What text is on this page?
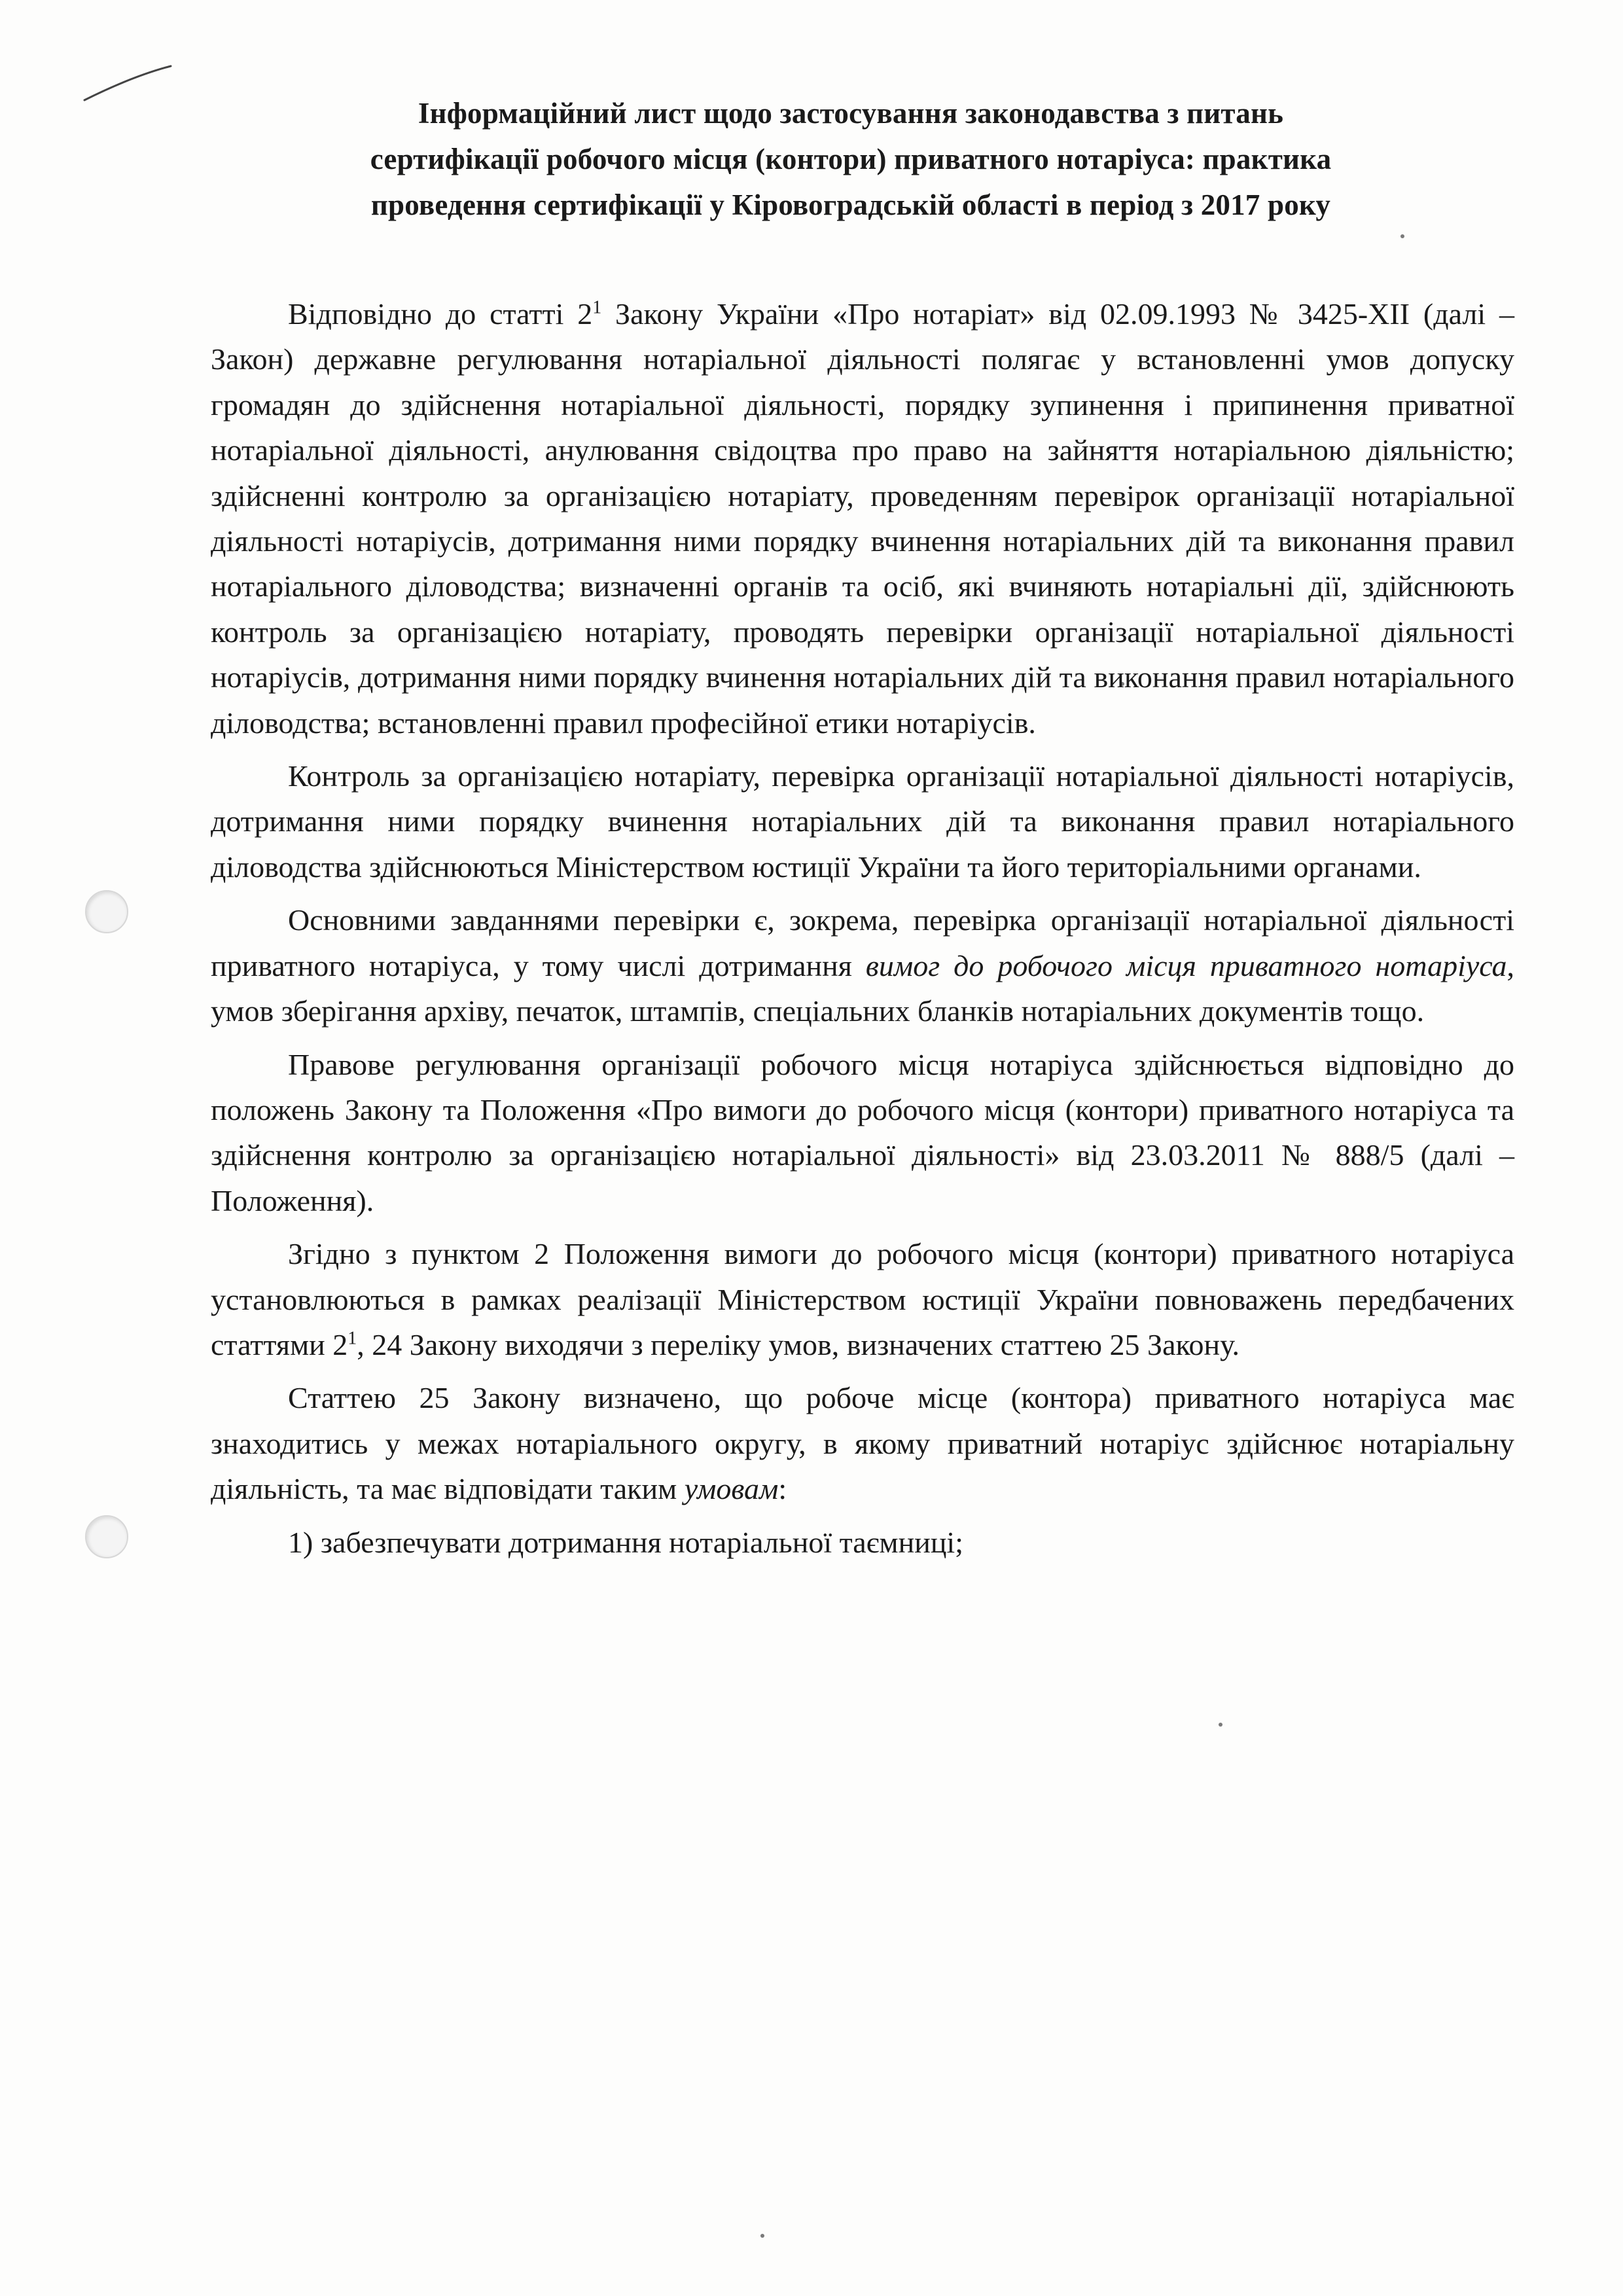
Інформаційний лист щодо застосування законодавства з питань
сертифікації робочого місця (контори) приватного нотаріуса: практика
проведення сертифікації у Кіровоградській області в період з 2017 року

Відповідно до статті $2^1$ Закону України «Про нотаріат» від 02.09.1993 № 3425-XII (далі – Закон) державне регулювання нотаріальної діяльності полягає у встановленні умов допуску громадян до здійснення нотаріальної діяльності, порядку зупинення і припинення приватної нотаріальної діяльності, анулювання свідоцтва про право на зайняття нотаріальною діяльністю; здійсненні контролю за організацією нотаріату, проведенням перевірок організації нотаріальної діяльності нотаріусів, дотримання ними порядку вчинення нотаріальних дій та виконання правил нотаріального діловодства; визначенні органів та осіб, які вчиняють нотаріальні дії, здійснюють контроль за організацією нотаріату, проводять перевірки організації нотаріальної діяльності нотаріусів, дотримання ними порядку вчинення нотаріальних дій та виконання правил нотаріального діловодства; встановленні правил професійної етики нотаріусів.

Контроль за організацією нотаріату, перевірка організації нотаріальної діяльності нотаріусів, дотримання ними порядку вчинення нотаріальних дій та виконання правил нотаріального діловодства здійснюються Міністерством юстиції України та його територіальними органами.

Основними завданнями перевірки є, зокрема, перевірка організації нотаріальної діяльності приватного нотаріуса, у тому числі дотримання вимог до робочого місця приватного нотаріуса, умов зберігання архіву, печаток, штампів, спеціальних бланків нотаріальних документів тощо.

Правове регулювання організації робочого місця нотаріуса здійснюється відповідно до положень Закону та Положення «Про вимоги до робочого місця (контори) приватного нотаріуса та здійснення контролю за організацією нотаріальної діяльності» від 23.03.2011 № 888/5 (далі – Положення).

Згідно з пунктом 2 Положення вимоги до робочого місця (контори) приватного нотаріуса установлюються в рамках реалізації Міністерством юстиції України повноважень передбачених статтями $2^1$, 24 Закону виходячи з переліку умов, визначених статтею 25 Закону.

Статтею 25 Закону визначено, що робоче місце (контора) приватного нотаріуса має знаходитись у межах нотаріального округу, в якому приватний нотаріус здійснює нотаріальну діяльність, та має відповідати таким умовам:

1) забезпечувати дотримання нотаріальної таємниці;
